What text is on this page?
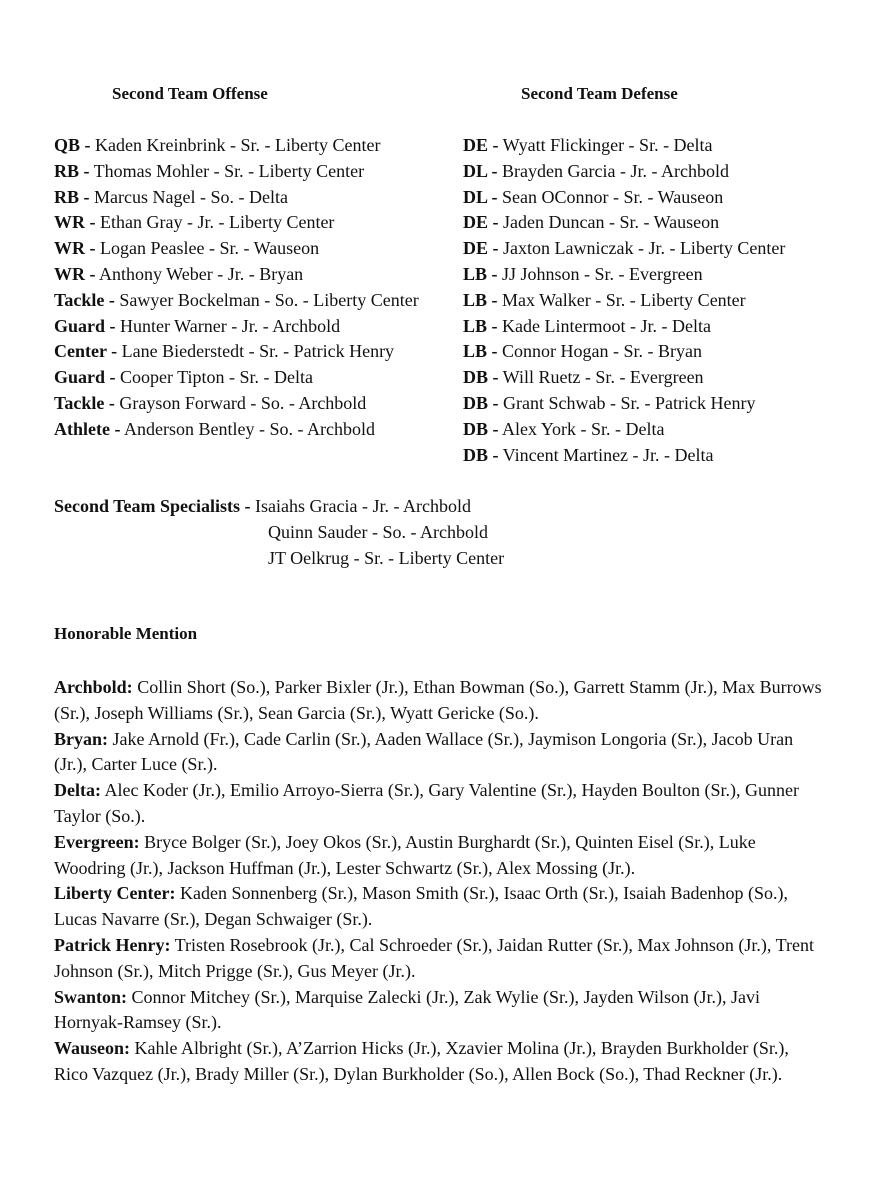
Second Team Offense	Second Team Defense
QB - Kaden Kreinbrink - Sr. - Liberty Center
RB - Thomas Mohler - Sr. - Liberty Center
RB - Marcus Nagel - So. - Delta
WR - Ethan Gray - Jr. - Liberty Center
WR - Logan Peaslee - Sr. - Wauseon
WR - Anthony Weber - Jr. - Bryan
Tackle - Sawyer Bockelman - So. - Liberty Center
Guard - Hunter Warner - Jr. - Archbold
Center - Lane Biederstedt - Sr. - Patrick Henry
Guard - Cooper Tipton - Sr. - Delta
Tackle - Grayson Forward - So. - Archbold
Athlete - Anderson Bentley - So. - Archbold
DE - Wyatt Flickinger - Sr. - Delta
DL - Brayden Garcia - Jr. - Archbold
DL - Sean OConnor - Sr. - Wauseon
DE - Jaden Duncan - Sr. - Wauseon
DE - Jaxton Lawniczak - Jr. - Liberty Center
LB - JJ Johnson - Sr. - Evergreen
LB - Max Walker - Sr. - Liberty Center
LB - Kade Lintermoot - Jr. - Delta
LB - Connor Hogan - Sr. - Bryan
DB - Will Ruetz - Sr. - Evergreen
DB - Grant Schwab - Sr. - Patrick Henry
DB - Alex York - Sr. - Delta
DB - Vincent Martinez - Jr. - Delta
Second Team Specialists - Isaiahs Gracia - Jr. - Archbold
Quinn Sauder - So. - Archbold
JT Oelkrug - Sr. - Liberty Center
Honorable Mention

Archbold: Collin Short (So.), Parker Bixler (Jr.), Ethan Bowman (So.), Garrett Stamm (Jr.), Max Burrows (Sr.), Joseph Williams (Sr.), Sean Garcia (Sr.), Wyatt Gericke (So.).

Bryan: Jake Arnold (Fr.), Cade Carlin (Sr.), Aaden Wallace (Sr.), Jaymison Longoria (Sr.), Jacob Uran (Jr.), Carter Luce (Sr.).

Delta: Alec Koder (Jr.), Emilio Arroyo-Sierra (Sr.), Gary Valentine (Sr.), Hayden Boulton (Sr.), Gunner Taylor (So.).

Evergreen: Bryce Bolger (Sr.), Joey Okos (Sr.), Austin Burghardt (Sr.), Quinten Eisel (Sr.), Luke Woodring (Jr.), Jackson Huffman (Jr.), Lester Schwartz (Sr.), Alex Mossing (Jr.).

Liberty Center: Kaden Sonnenberg (Sr.), Mason Smith (Sr.), Isaac Orth (Sr.), Isaiah Badenhop (So.), Lucas Navarre (Sr.), Degan Schwaiger (Sr.).

Patrick Henry: Tristen Rosebrook (Jr.), Cal Schroeder (Sr.), Jaidan Rutter (Sr.), Max Johnson (Jr.), Trent Johnson (Sr.), Mitch Prigge (Sr.), Gus Meyer (Jr.).

Swanton: Connor Mitchey (Sr.), Marquise Zalecki (Jr.), Zak Wylie (Sr.), Jayden Wilson (Jr.), Javi Hornyak-Ramsey (Sr.).

Wauseon: Kahle Albright (Sr.), A’Zarrion Hicks (Jr.), Xzavier Molina (Jr.), Brayden Burkholder (Sr.), Rico Vazquez (Jr.), Brady Miller (Sr.), Dylan Burkholder (So.), Allen Bock (So.), Thad Reckner (Jr.).
